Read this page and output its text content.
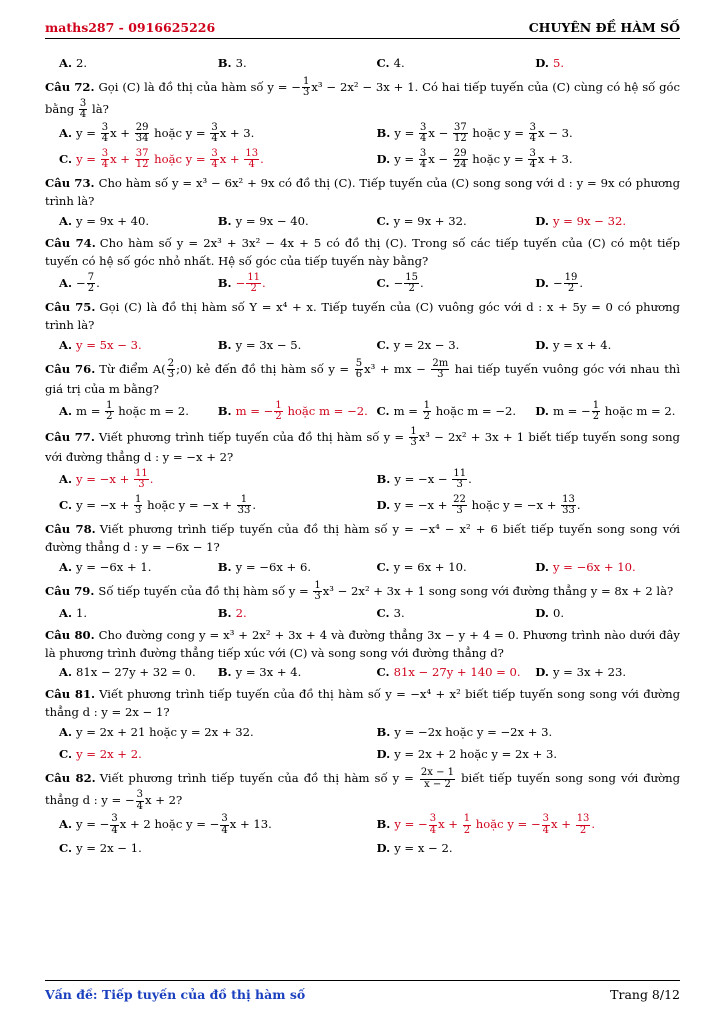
maths287 - 0916625226	CHUYÊN ĐỀ HÀM SỐ
A. 2.	B. 3.	C. 4.	D. 5.
Câu 72. Gọi (C) là đồ thị của hàm số y = − $\frac{1}{3} x^3 - 2x^2 - 3x + 1$. Có hai tiếp tuyến của (C) cùng có hệ số góc bằng $\frac{3}{4}$ là?
A. $y = \frac{3}{4}$ $x + \frac{29}{34}$ hoặc $y = \frac{3}{4}$ x + 3.	B. $y = \frac{3}{4}$ $x - \frac{37}{12}$ hoặc $y = \frac{3}{4}$ x − 3.
C. $y = \frac{3}{4}$ $x + \frac{37}{12}$ hoặc $y = \frac{3}{4}$ $x + \frac{13}{4}$ .	D. $y = \frac{3}{4}$ $x - \frac{29}{24}$ hoặc $y = \frac{3}{4}$ x + 3.
Câu 73. Cho hàm số y = x³ − 6x² + 9x có đồ thị (C). Tiếp tuyến của (C) song song với d : y = 9x có phương trình là?
A. y = 9x + 40.	B. y = 9x − 40.	C. y = 9x + 32.	D. y = 9x − 32.
Câu 74. Cho hàm số y = 2x³ + 3x² − 4x + 5 có đồ thị (C). Trong số các tiếp tuyến của (C) có một tiếp tuyến có hệ số góc nhỏ nhất. Hệ số góc của tiếp tuyến này bằng?
A. − $\frac{7}{2}$ .	B. − $\frac{11}{2}$ .	C. − $\frac{15}{2}$ .	D. − $\frac{19}{2}$ .
Câu 75. Gọi (C) là đồ thị hàm số Y = x⁴ + x. Tiếp tuyến của (C) vuông góc với d : x + 5y = 0 có phương trình là?
A. y = 5x − 3.	B. y = 3x − 5.	C. y = 2x − 3.	D. y = x + 4.
Câu 76. Từ điểm $A( \frac{2}{3}$ ;0) kẻ đến đồ thị hàm số $y = \frac{5}{6} x^3$ + mx − $\frac{2m}{3}$ hai tiếp tuyến vuông góc với nhau thì giá trị của m bằng?
A. $m = \frac{1}{2}$ hoặc m = 2.	B. m = − $\frac{1}{2}$ hoặc m = −2. C. $m = \frac{1}{2}$ hoặc m = −2.	D. m = − $\frac{1}{2}$ hoặc m = 2.
Câu 77. Viết phương trình tiếp tuyến của đồ thị hàm số $y = \frac{1}{3} x^3 - 2x^2 + 3x + 1$ biết tiếp tuyến song song với đường thẳng d : y = −x + 2?
A. $y = -x + \frac{11}{3}$ .	B. $y = -x - \frac{11}{3}$ .
C. $y = -x + \frac{1}{3}$ hoặc $y = -x + \frac{1}{33}$ .	D. $y = -x + \frac{22}{3}$ hoặc $y = -x + \frac{13}{33}$ .
Câu 78. Viết phương trình tiếp tuyến của đồ thị hàm số y = −x⁴ − x² + 6 biết tiếp tuyến song song với đường thẳng d : y = −6x − 1?
A. y = −6x + 1.	B. y = −6x + 6.	C. y = 6x + 10.	D. y = −6x + 10.
Câu 79. Số tiếp tuyến của đồ thị hàm số $y = \frac{1}{3} x^3 - 2x^2 + 3x + 1$ song song với đường thẳng y = 8x + 2 là?
A. 1.	B. 2.	C. 3.	D. 0.
Câu 80. Cho đường cong y = x³ + 2x² + 3x + 4 và đường thẳng 3x − y + 4 = 0. Phương trình nào dưới đây là phương trình đường thẳng tiếp xúc với (C) và song song với đường thẳng d?
A. 81x − 27y + 32 = 0.	B. y = 3x + 4.	C. 81x − 27y + 140 = 0.	D. y = 3x + 23.
Câu 81. Viết phương trình tiếp tuyến của đồ thị hàm số y = −x⁴ + x² biết tiếp tuyến song song với đường thẳng d : y = 2x − 1?
A. y = 2x + 21 hoặc y = 2x + 32.	B. y = −2x hoặc y = −2x + 3.
C. y = 2x + 2.	D. y = 2x + 2 hoặc y = 2x + 3.
Câu 82. Viết phương trình tiếp tuyến của đồ thị hàm số $y = \frac{2x - 1}{x - 2}$ biết tiếp tuyến song song với đường thẳng d : y = − $\frac{3}{4}$ x + 2?
A. y = − $\frac{3}{4}$ x + 2 hoặc y = − $\frac{3}{4}$ x + 13.	B. y = − $\frac{3}{4}$ $x + \frac{1}{2}$ hoặc y = − $\frac{3}{4}$ $x + \frac{13}{2}$ .
C. y = 2x − 1.	D. y = x − 2.
Vấn đề: Tiếp tuyến của đồ thị hàm số	Trang 8/12
